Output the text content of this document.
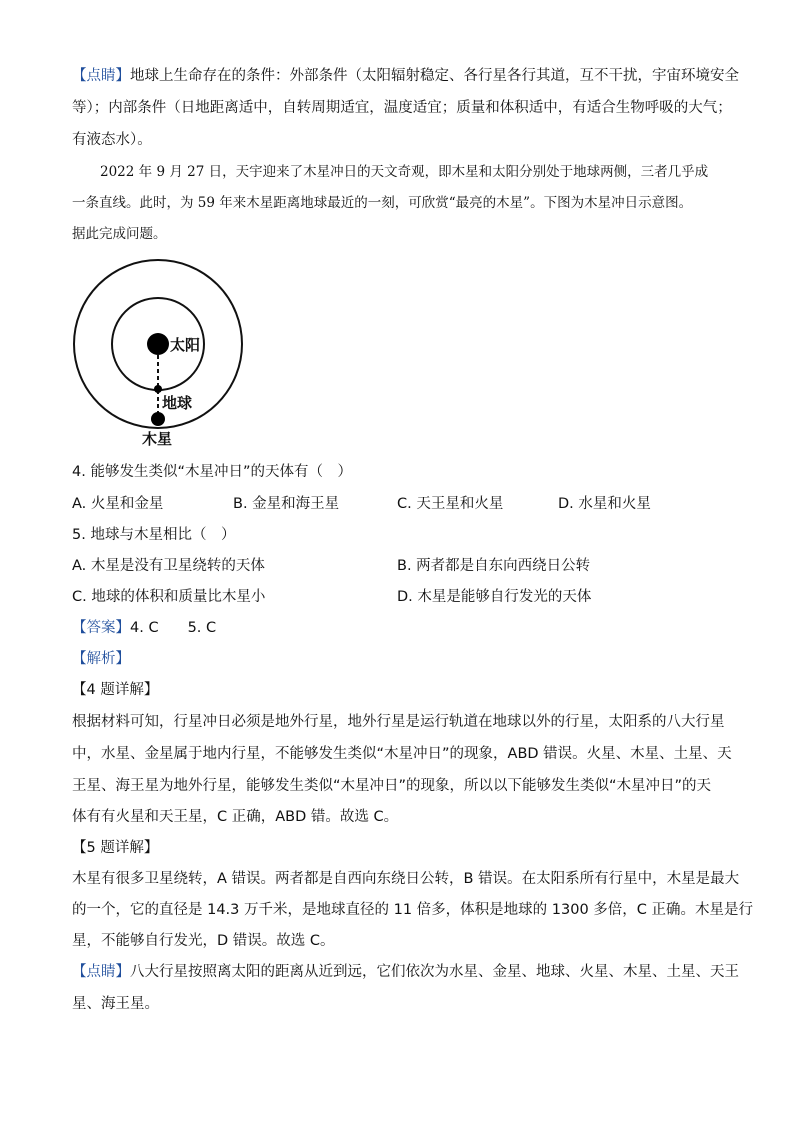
【点睛】地球上生命存在的条件：外部条件（太阳辐射稳定、各行星各行其道，互不干扰，宇宙环境安全
等）；内部条件（日地距离适中，自转周期适宜，温度适宜；质量和体积适中，有适合生物呼吸的大气；
有液态水）。
2022 年 9 月 27 日，天宇迎来了木星冲日的天文奇观，即木星和太阳分别处于地球两侧，三者几乎成
一条直线。此时，为 59 年来木星距离地球最近的一刻，可欣赏“最亮的木星”。下图为木星冲日示意图。
据此完成问题。
太阳
地球
木星
4. 能够发生类似“木星冲日”的天体有（　）
A. 火星和金星	B. 金星和海王星	C. 天王星和火星	D. 水星和火星
5. 地球与木星相比（　）
A. 木星是没有卫星绕转的天体	B. 两者都是自东向西绕日公转
C. 地球的体积和质量比木星小	D. 木星是能够自行发光的天体
【答案】4. C　　5. C
【解析】
【4 题详解】
根据材料可知，行星冲日必须是地外行星，地外行星是运行轨道在地球以外的行星，太阳系的八大行星
中，水星、金星属于地内行星，不能够发生类似“木星冲日”的现象，ABD 错误。火星、木星、土星、天
王星、海王星为地外行星，能够发生类似“木星冲日”的现象，所以以下能够发生类似“木星冲日”的天
体有有火星和天王星，C 正确，ABD 错。故选 C。
【5 题详解】
木星有很多卫星绕转，A 错误。两者都是自西向东绕日公转，B 错误。在太阳系所有行星中，木星是最大
的一个，它的直径是 14.3 万千米，是地球直径的 11 倍多，体积是地球的 1300 多倍，C 正确。木星是行
星，不能够自行发光，D 错误。故选 C。
【点睛】八大行星按照离太阳的距离从近到远，它们依次为水星、金星、地球、火星、木星、土星、天王
星、海王星。
